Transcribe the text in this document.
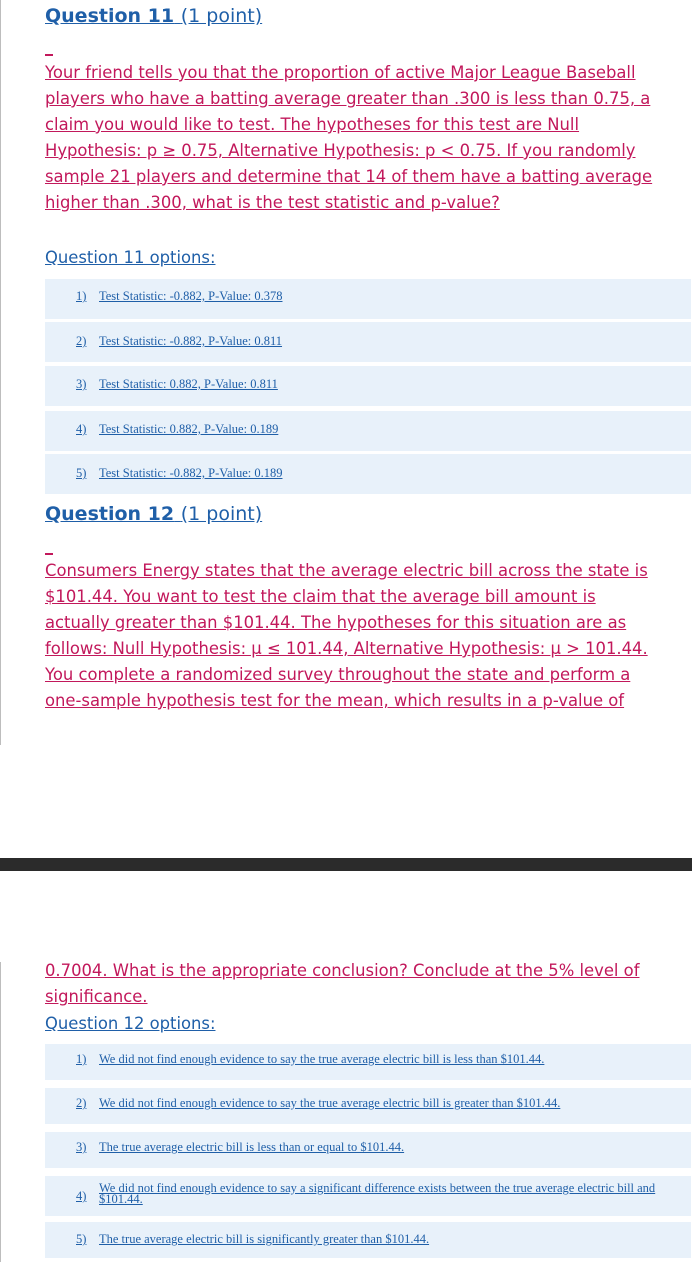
Question 11 (1 point)

Your friend tells you that the proportion of active Major League Baseball players who have a batting average greater than .300 is less than 0.75, a claim you would like to test. The hypotheses for this test are Null Hypothesis: p ≥ 0.75, Alternative Hypothesis: p < 0.75. If you randomly sample 21 players and determine that 14 of them have a batting average higher than .300, what is the test statistic and p-value?

Question 11 options:

1) Test Statistic: -0.882, P-Value: 0.378
2) Test Statistic: -0.882, P-Value: 0.811
3) Test Statistic: 0.882, P-Value: 0.811
4) Test Statistic: 0.882, P-Value: 0.189
5) Test Statistic: -0.882, P-Value: 0.189
Question 12 (1 point)

Consumers Energy states that the average electric bill across the state is $101.44. You want to test the claim that the average bill amount is actually greater than $101.44. The hypotheses for this situation are as follows: Null Hypothesis: μ ≤ 101.44, Alternative Hypothesis: μ > 101.44. You complete a randomized survey throughout the state and perform a one-sample hypothesis test for the mean, which results in a p-value of

0.7004. What is the appropriate conclusion? Conclude at the 5% level of significance.

Question 12 options:

1) We did not find enough evidence to say the true average electric bill is less than $101.44.
2) We did not find enough evidence to say the true average electric bill is greater than $101.44.
3) The true average electric bill is less than or equal to $101.44.
4)
We did not find enough evidence to say a significant difference exists between the true average electric bill and $101.44.
5) The true average electric bill is significantly greater than $101.44.
